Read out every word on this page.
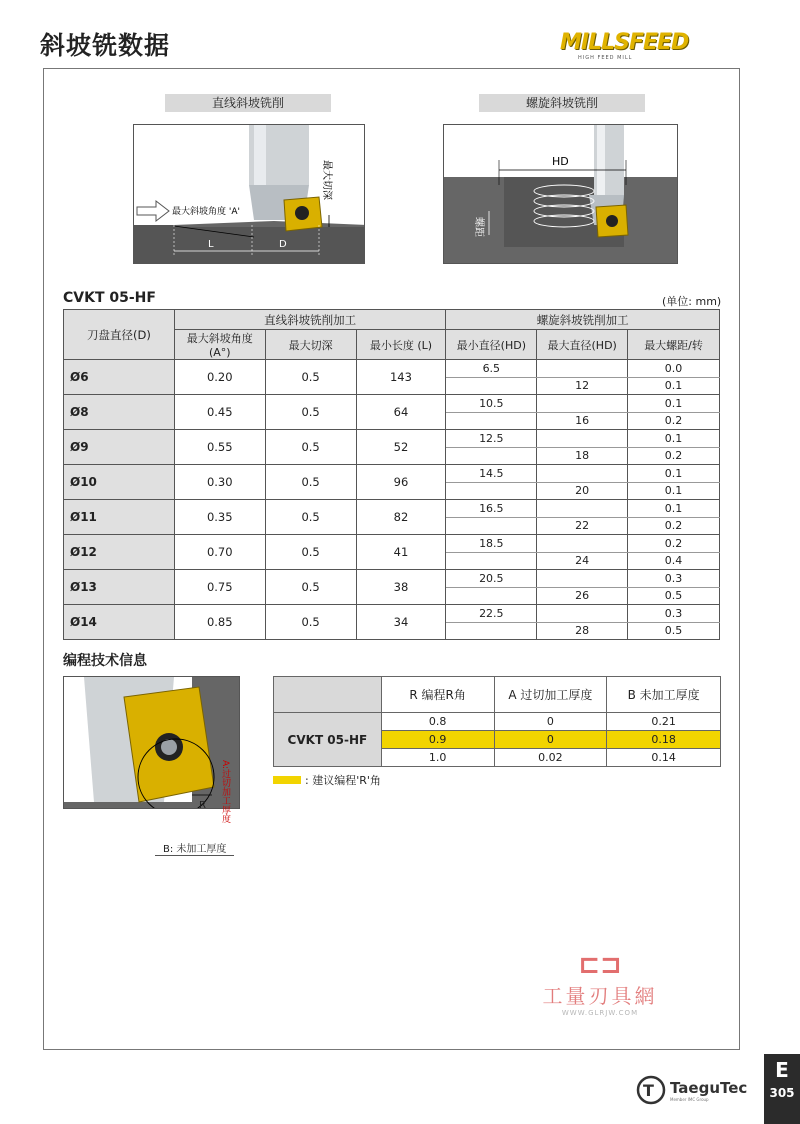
斜坡铣数据	MILLSFEED
HIGH FEED MILL
直线斜坡铣削
最大斜坡角度 'A'
L	D
最大切深
螺旋斜坡铣削
HD
螺距
CVKT 05-HF	(单位: mm)
刀盘直径(D)	直线斜坡铣削加工			螺旋斜坡铣削加工		
	最大斜坡角度 (A°)	最大切深	最小长度 (L)	最小直径(HD)	最大直径(HD)	最大螺距/转
Ø6	0.20	0.5	143	6.5		0.0
					12	0.1
Ø8	0.45	0.5	64	10.5		0.1
					16	0.2
Ø9	0.55	0.5	52	12.5		0.1
					18	0.2
Ø10	0.30	0.5	96	14.5		0.1
					20	0.1
Ø11	0.35	0.5	82	16.5		0.1
					22	0.2
Ø12	0.70	0.5	41	18.5		0.2
					24	0.4
Ø13	0.75	0.5	38	20.5		0.3
					26	0.5
Ø14	0.85	0.5	34	22.5		0.3
					28	0.5
编程技术信息
R A:过切加工厚度
B: 未加工厚度
	R 编程R角	A 过切加工厚度	B 未加工厚度
CVKT 05-HF	0.8	0	0.21
	0.9	0	0.18
	1.0	0.02	0.14
: 建议编程'R'角
⊏⊐
工量刃具網
WWW.GLRJW.COM
T TaeguTec
Member IMC Group
E
305
